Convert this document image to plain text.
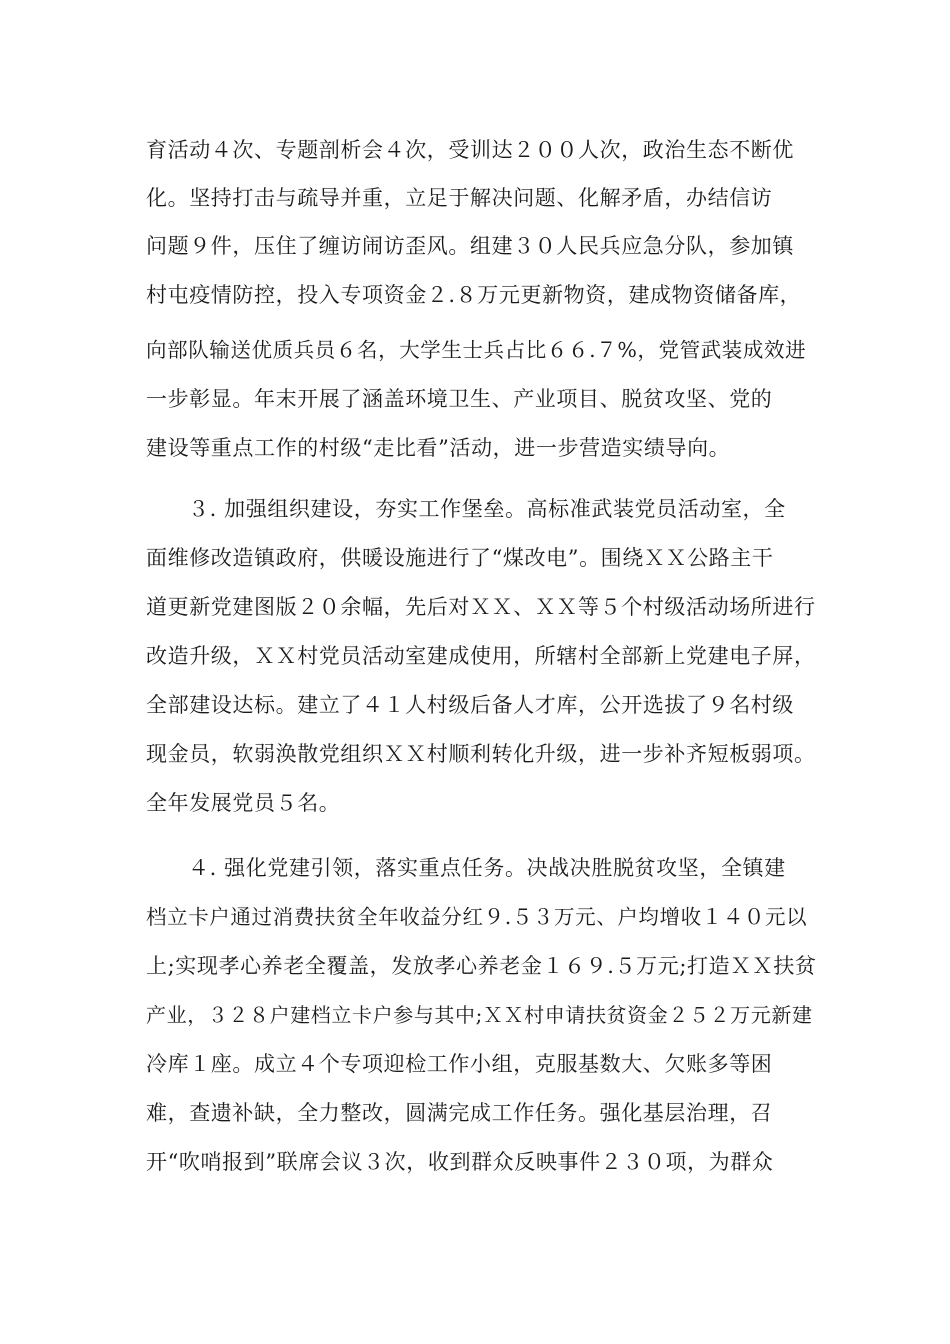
育活动４次、专题剖析会４次，受训达２００人次，政治生态不断优

化。坚持打击与疏导并重，立足于解决问题、化解矛盾，办结信访

问题９件，压住了缠访闹访歪风。组建３０人民兵应急分队，参加镇

村屯疫情防控，投入专项资金２.８万元更新物资，建成物资储备库，

向部队输送优质兵员６名，大学生士兵占比６６.７%，党管武装成效进

一步彰显。年末开展了涵盖环境卫生、产业项目、脱贫攻坚、党的

建设等重点工作的村级“走比看”活动，进一步营造实绩导向。

３. 加强组织建设，夯实工作堡垒。高标准武装党员活动室，全

面维修改造镇政府，供暖设施进行了“煤改电”。围绕ＸＸ公路主干

道更新党建图版２０余幅，先后对ＸＸ、ＸＸ等５个村级活动场所进行

改造升级，ＸＸ村党员活动室建成使用，所辖村全部新上党建电子屏，

全部建设达标。建立了４１人村级后备人才库，公开选拔了９名村级

现金员，软弱涣散党组织ＸＸ村顺利转化升级，进一步补齐短板弱项。

全年发展党员５名。

４. 强化党建引领，落实重点任务。决战决胜脱贫攻坚，全镇建

档立卡户通过消费扶贫全年收益分红９.５３万元、户均增收１４０元以

上;实现孝心养老全覆盖，发放孝心养老金１６９.５万元;打造ＸＸ扶贫

产业，３２８户建档立卡户参与其中;ＸＸ村申请扶贫资金２５２万元新建

冷库１座。成立４个专项迎检工作小组，克服基数大、欠账多等困

难，查遗补缺，全力整改，圆满完成工作任务。强化基层治理，召

开“吹哨报到”联席会议３次，收到群众反映事件２３０项，为群众
